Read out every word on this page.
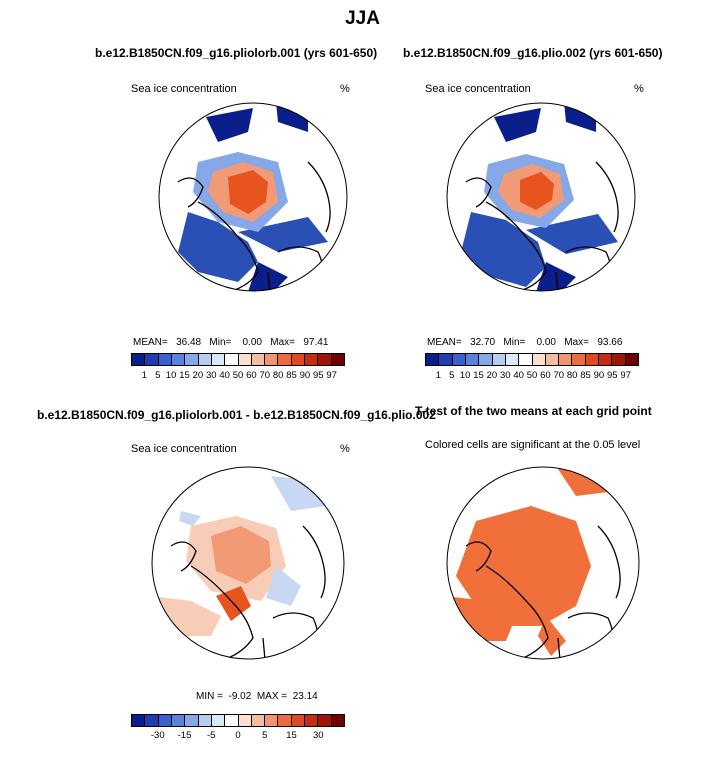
JJA
b.e12.B1850CN.f09_g16.pliolorb.001 (yrs 601-650)
Sea ice concentration	%
MEAN=   36.48   Min=    0.00   Max=   97.41
1 5 10 15 20 30 40 50 60 70 80 85 90 95 97
b.e12.B1850CN.f09_g16.plio.002 (yrs 601-650)
Sea ice concentration	%
MEAN=   32.70   Min=    0.00   Max=   93.66
1 5 10 15 20 30 40 50 60 70 80 85 90 95 97
b.e12.B1850CN.f09_g16.pliolorb.001 - b.e12.B1850CN.f09_g16.plio.002
Sea ice concentration	%
MIN =  -9.02  MAX =  23.14
-30 -15 -5 0 5 15 30
T-test of the two means at each grid point
Colored cells are significant at the 0.05 level
